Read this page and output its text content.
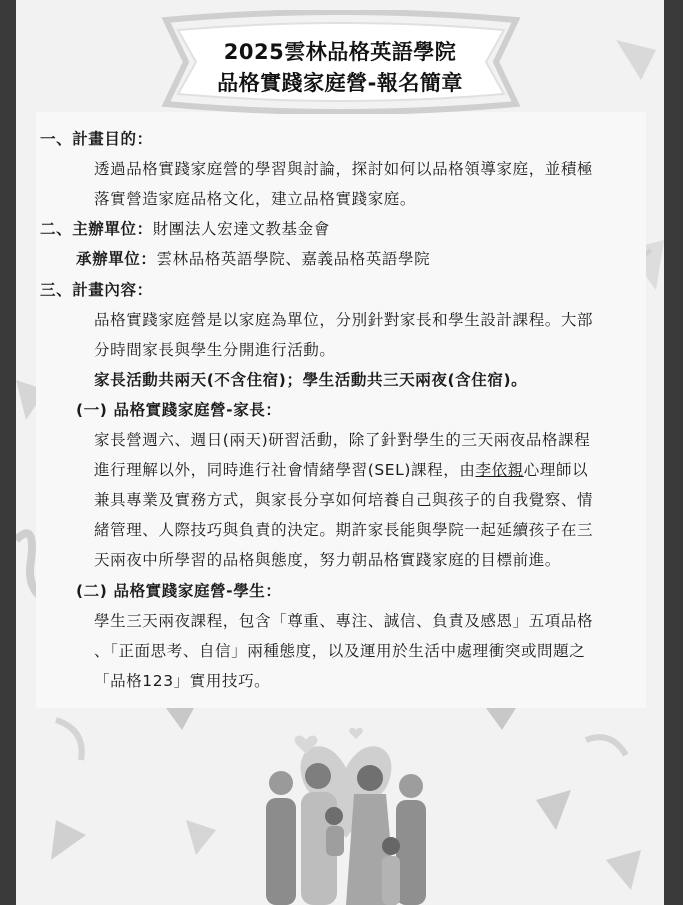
2025雲林品格英語學院
品格實踐家庭營-報名簡章
一、計畫目的：
透過品格實踐家庭營的學習與討論，探討如何以品格領導家庭，並積極
落實營造家庭品格文化，建立品格實踐家庭。
二、主辦單位：財團法人宏達文教基金會
承辦單位：雲林品格英語學院、嘉義品格英語學院
三、計畫內容：
品格實踐家庭營是以家庭為單位，分別針對家長和學生設計課程。大部
分時間家長與學生分開進行活動。
家長活動共兩天(不含住宿)；學生活動共三天兩夜(含住宿)。
(一) 品格實踐家庭營-家長：
家長營週六、週日(兩天)研習活動，除了針對學生的三天兩夜品格課程
進行理解以外，同時進行社會情緒學習(SEL)課程，由李依親心理師以
兼具專業及實務方式，與家長分享如何培養自己與孩子的自我覺察、情
緒管理、人際技巧與負責的決定。期許家長能與學院一起延續孩子在三
天兩夜中所學習的品格與態度，努力朝品格實踐家庭的目標前進。
(二) 品格實踐家庭營-學生：
學生三天兩夜課程，包含「尊重、專注、誠信、負責及感恩」五項品格
、「正面思考、自信」兩種態度，以及運用於生活中處理衝突或問題之
「品格123」實用技巧。
